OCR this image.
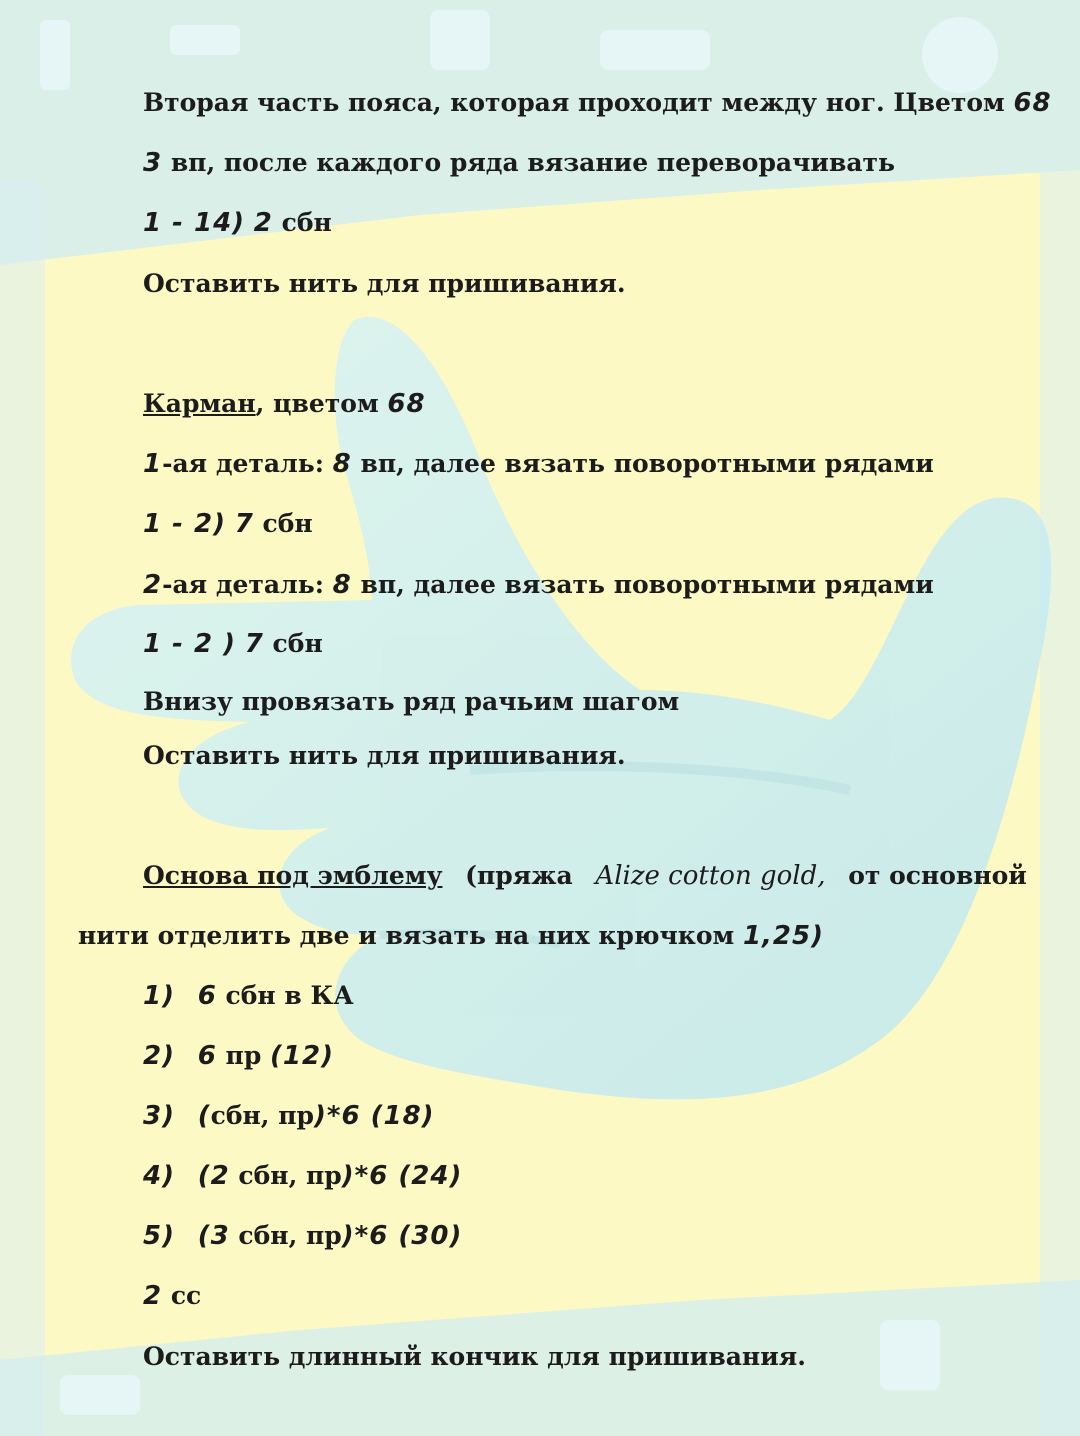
Вторая часть пояса, которая проходит между ног. Цветом 68
3 вп, после каждого ряда вязание переворачивать
1 - 14) 2 сбн
Оставить нить для пришивания.
Карман, цветом 68
1-ая деталь: 8 вп, далее вязать поворотными рядами
1 - 2) 7 сбн
2-ая деталь: 8 вп, далее вязать поворотными рядами
1 - 2 ) 7 сбн
Внизу провязать ряд рачьим шагом
Оставить нить для пришивания.
Основа под эмблему (пряжа Alize cotton gold, от основной
нити отделить две и вязать на них крючком 1,25)
1) 6 сбн в КА
2) 6 пр (12)
3) (сбн, пр)*6 (18)
4) (2 сбн, пр)*6 (24)
5) (3 сбн, пр)*6 (30)
2 сс
Оставить длинный кончик для пришивания.
